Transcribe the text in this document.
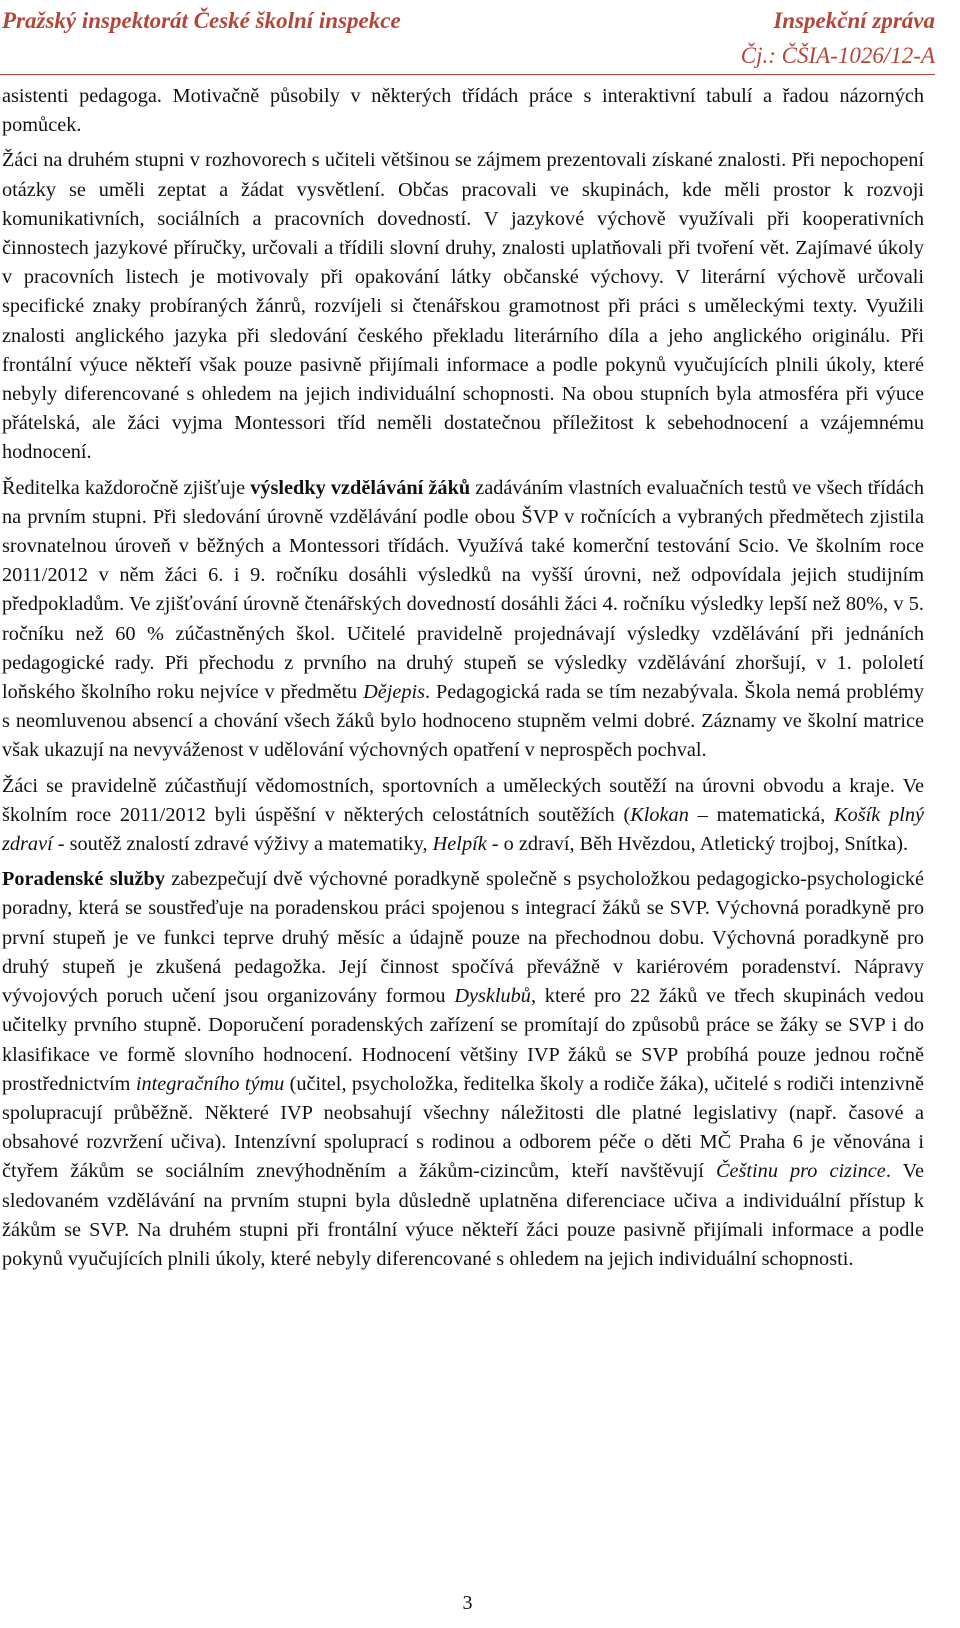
Pražský inspektorát České školní inspekce	Inspekční zpráva
Čj.: ČŠIA-1026/12-A

asistenti pedagoga. Motivačně působily v některých třídách práce s interaktivní tabulí a řadou názorných pomůcek.

Žáci na druhém stupni v rozhovorech s učiteli většinou se zájmem prezentovali získané znalosti. Při nepochopení otázky se uměli zeptat a žádat vysvětlení. Občas pracovali ve skupinách, kde měli prostor k rozvoji komunikativních, sociálních a pracovních dovedností. V jazykové výchově využívali při kooperativních činnostech jazykové příručky, určovali a třídili slovní druhy, znalosti uplatňovali při tvoření vět. Zajímavé úkoly v pracovních listech je motivovaly při opakování látky občanské výchovy. V literární výchově určovali specifické znaky probíraných žánrů, rozvíjeli si čtenářskou gramotnost při práci s uměleckými texty. Využili znalosti anglického jazyka při sledování českého překladu literárního díla a jeho anglického originálu. Při frontální výuce někteří však pouze pasivně přijímali informace a podle pokynů vyučujících plnili úkoly, které nebyly diferencované s ohledem na jejich individuální schopnosti. Na obou stupních byla atmosféra při výuce přátelská, ale žáci vyjma Montessori tříd neměli dostatečnou příležitost k sebehodnocení a vzájemnému hodnocení.

Ředitelka každoročně zjišťuje výsledky vzdělávání žáků zadáváním vlastních evaluačních testů ve všech třídách na prvním stupni. Při sledování úrovně vzdělávání podle obou ŠVP v ročnících a vybraných předmětech zjistila srovnatelnou úroveň v běžných a Montessori třídách. Využívá také komerční testování Scio. Ve školním roce 2011/2012 v něm žáci 6. i 9. ročníku dosáhli výsledků na vyšší úrovni, než odpovídala jejich studijním předpokladům. Ve zjišťování úrovně čtenářských dovedností dosáhli žáci 4. ročníku výsledky lepší než 80%, v 5. ročníku než 60 % zúčastněných škol. Učitelé pravidelně projednávají výsledky vzdělávání při jednáních pedagogické rady. Při přechodu z prvního na druhý stupeň se výsledky vzdělávání zhoršují, v 1. pololetí loňského školního roku nejvíce v předmětu Dějepis. Pedagogická rada se tím nezabývala. Škola nemá problémy s neomluvenou absencí a chování všech žáků bylo hodnoceno stupněm velmi dobré. Záznamy ve školní matrice však ukazují na nevyváženost v udělování výchovných opatření v neprospěch pochval.

Žáci se pravidelně zúčastňují vědomostních, sportovních a uměleckých soutěží na úrovni obvodu a kraje. Ve školním roce 2011/2012 byli úspěšní v některých celostátních soutěžích (Klokan – matematická, Košík plný zdraví - soutěž znalostí zdravé výživy a matematiky, Helpík - o zdraví, Běh Hvězdou, Atletický trojboj, Snítka).

Poradenské služby zabezpečují dvě výchovné poradkyně společně s psycholožkou pedagogicko-psychologické poradny, která se soustřeďuje na poradenskou práci spojenou s integrací žáků se SVP. Výchovná poradkyně pro první stupeň je ve funkci teprve druhý měsíc a údajně pouze na přechodnou dobu. Výchovná poradkyně pro druhý stupeň je zkušená pedagožka. Její činnost spočívá převážně v kariérovém poradenství. Nápravy vývojových poruch učení jsou organizovány formou Dysklubů, které pro 22 žáků ve třech skupinách vedou učitelky prvního stupně. Doporučení poradenských zařízení se promítají do způsobů práce se žáky se SVP i do klasifikace ve formě slovního hodnocení. Hodnocení většiny IVP žáků se SVP probíhá pouze jednou ročně prostřednictvím integračního týmu (učitel, psycholožka, ředitelka školy a rodiče žáka), učitelé s rodiči intenzivně spolupracují průběžně. Některé IVP neobsahují všechny náležitosti dle platné legislativy (např. časové a obsahové rozvržení učiva). Intenzívní spoluprací s rodinou a odborem péče o děti MČ Praha 6 je věnována i čtyřem žákům se sociálním znevýhodněním a žákům-cizincům, kteří navštěvují Češtinu pro cizince. Ve sledovaném vzdělávání na prvním stupni byla důsledně uplatněna diferenciace učiva a individuální přístup k žákům se SVP. Na druhém stupni při frontální výuce někteří žáci pouze pasivně přijímali informace a podle pokynů vyučujících plnili úkoly, které nebyly diferencované s ohledem na jejich individuální schopnosti.

3
